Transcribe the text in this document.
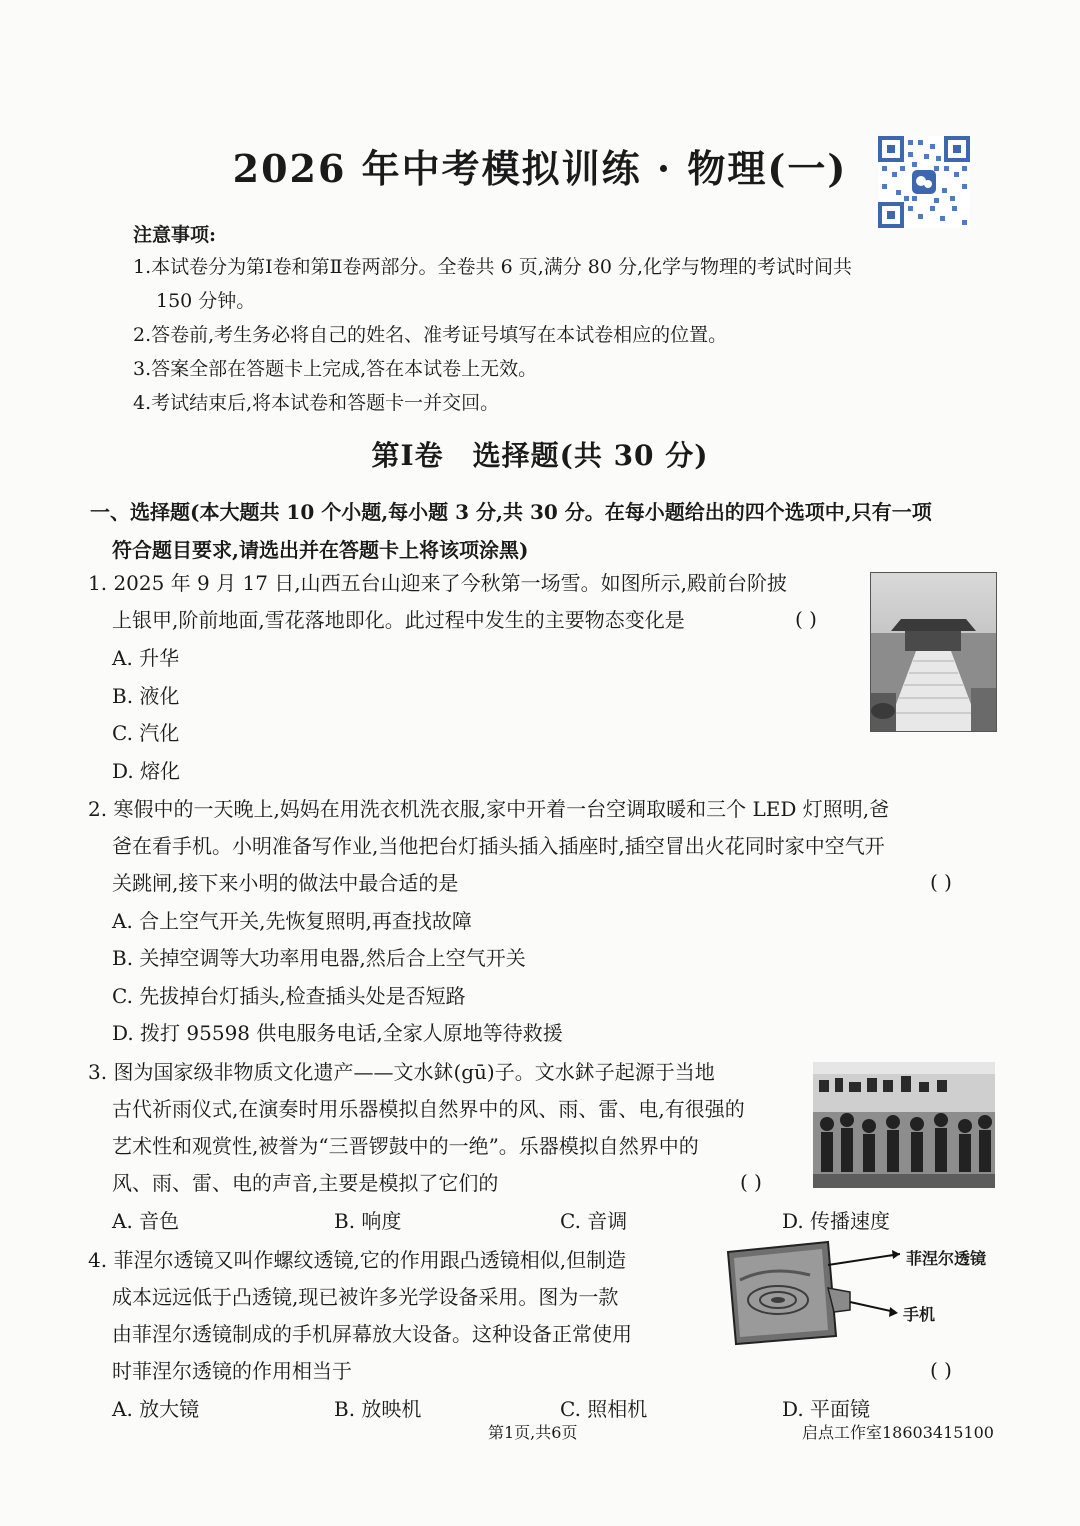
2026 年中考模拟训练 · 物理(一)
注意事项:
1.本试卷分为第Ⅰ卷和第Ⅱ卷两部分。全卷共 6 页,满分 80 分,化学与物理的考试时间共
150 分钟。
2.答卷前,考生务必将自己的姓名、准考证号填写在本试卷相应的位置。
3.答案全部在答题卡上完成,答在本试卷上无效。
4.考试结束后,将本试卷和答题卡一并交回。
第Ⅰ卷　选择题(共 30 分)
一、选择题(本大题共 10 个小题,每小题 3 分,共 30 分。在每小题给出的四个选项中,只有一项
符合题目要求,请选出并在答题卡上将该项涂黑)
1. 2025 年 9 月 17 日,山西五台山迎来了今秋第一场雪。如图所示,殿前台阶披
上银甲,阶前地面,雪花落地即化。此过程中发生的主要物态变化是	( )
A. 升华
B. 液化
C. 汽化
D. 熔化
2. 寒假中的一天晚上,妈妈在用洗衣机洗衣服,家中开着一台空调取暖和三个 LED 灯照明,爸
爸在看手机。小明准备写作业,当他把台灯插头插入插座时,插空冒出火花同时家中空气开
关跳闸,接下来小明的做法中最合适的是	( )
A. 合上空气开关,先恢复照明,再查找故障
B. 关掉空调等大功率用电器,然后合上空气开关
C. 先拔掉台灯插头,检查插头处是否短路
D. 拨打 95598 供电服务电话,全家人原地等待救援
3. 图为国家级非物质文化遗产——文水鉥(gū)子。文水鉥子起源于当地
古代祈雨仪式,在演奏时用乐器模拟自然界中的风、雨、雷、电,有很强的
艺术性和观赏性,被誉为“三晋锣鼓中的一绝”。乐器模拟自然界中的
风、雨、雷、电的声音,主要是模拟了它们的	( )
A. 音色	B. 响度	C. 音调	D. 传播速度
4. 菲涅尔透镜又叫作螺纹透镜,它的作用跟凸透镜相似,但制造
成本远远低于凸透镜,现已被许多光学设备采用。图为一款
由菲涅尔透镜制成的手机屏幕放大设备。这种设备正常使用
时菲涅尔透镜的作用相当于	( )
A. 放大镜	B. 放映机	C. 照相机	D. 平面镜
菲涅尔透镜
手机
第1页,共6页	启点工作室18603415100
